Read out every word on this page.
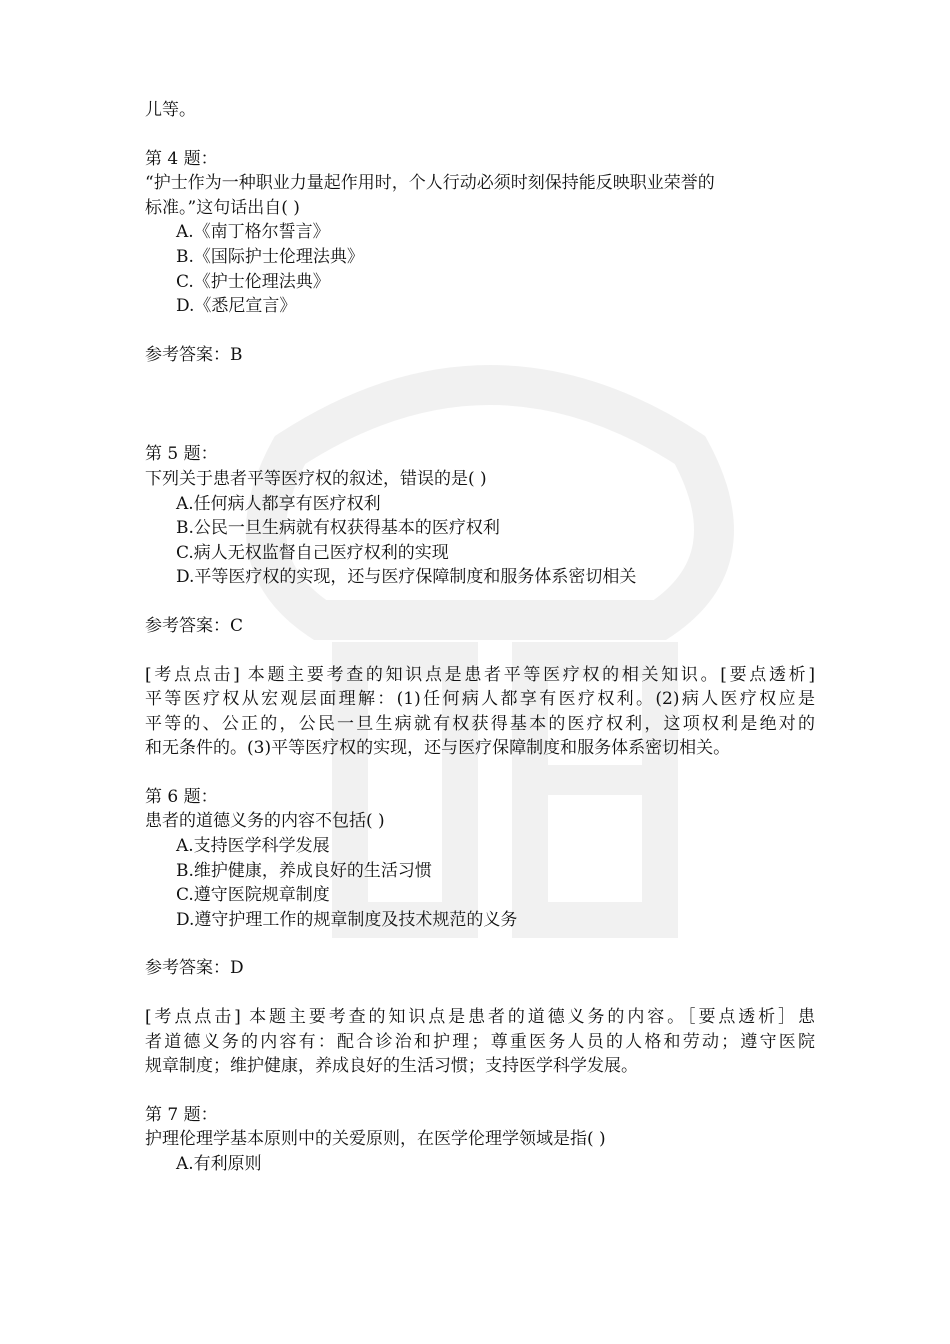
儿等。
第 4 题：
“护士作为一种职业力量起作用时，个人行动必须时刻保持能反映职业荣誉的
标准。”这句话出自( )
A.《南丁格尔誓言》
B.《国际护士伦理法典》
C.《护士伦理法典》
D.《悉尼宣言》
参考答案：B
第 5 题：
下列关于患者平等医疗权的叙述，错误的是( )
A.任何病人都享有医疗权利
B.公民一旦生病就有权获得基本的医疗权利
C.病人无权监督自己医疗权利的实现
D.平等医疗权的实现，还与医疗保障制度和服务体系密切相关
参考答案：C
[考点点击] 本题主要考查的知识点是患者平等医疗权的相关知识。[要点透析]
平等医疗权从宏观层面理解：(1)任何病人都享有医疗权利。(2)病人医疗权应是
平等的、公正的，公民一旦生病就有权获得基本的医疗权利，这项权利是绝对的
和无条件的。(3)平等医疗权的实现，还与医疗保障制度和服务体系密切相关。
第 6 题：
患者的道德义务的内容不包括( )
A.支持医学科学发展
B.维护健康，养成良好的生活习惯
C.遵守医院规章制度
D.遵守护理工作的规章制度及技术规范的义务
参考答案：D
[考点点击] 本题主要考查的知识点是患者的道德义务的内容。［要点透析］患
者道德义务的内容有：配合诊治和护理；尊重医务人员的人格和劳动；遵守医院
规章制度；维护健康，养成良好的生活习惯；支持医学科学发展。
第 7 题：
护理伦理学基本原则中的关爱原则，在医学伦理学领域是指( )
A.有利原则
